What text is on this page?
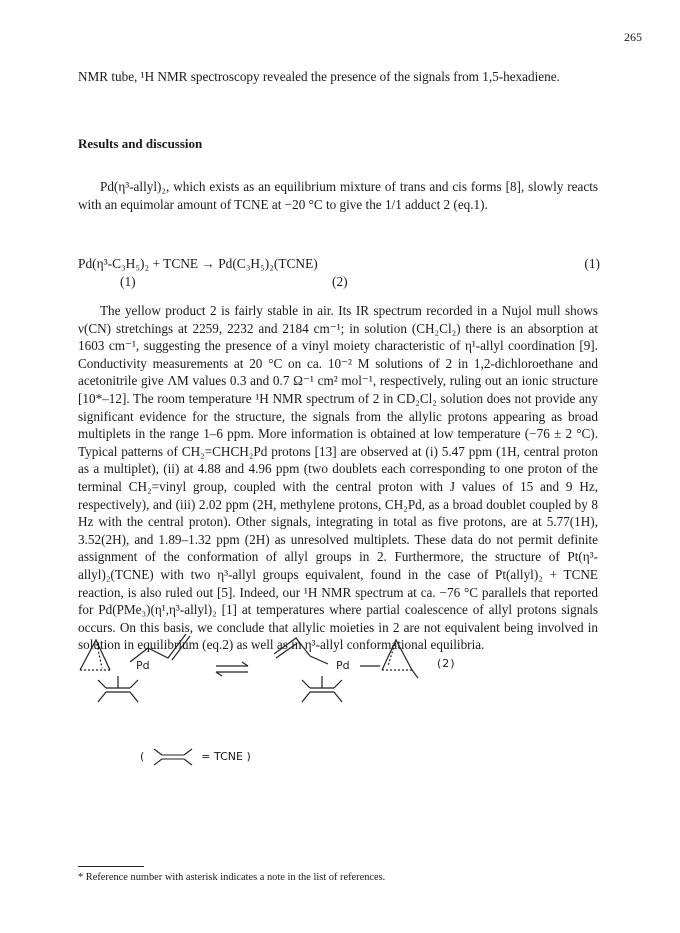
265
NMR tube, ¹H NMR spectroscopy revealed the presence of the signals from 1,5-hexadiene.
Results and discussion
Pd(η³-allyl)₂, which exists as an equilibrium mixture of trans and cis forms [8], slowly reacts with an equimolar amount of TCNE at −20 °C to give the 1/1 adduct 2 (eq.1).
Pd(η³-C₃H₅)₂ + TCNE → Pd(C₃H₅)₂(TCNE)	(1)
(1)	(2)
The yellow product 2 is fairly stable in air. Its IR spectrum recorded in a Nujol mull shows ν(CN) stretchings at 2259, 2232 and 2184 cm⁻¹; in solution (CH₂Cl₂) there is an absorption at 1603 cm⁻¹, suggesting the presence of a vinyl moiety characteristic of η¹-allyl coordination [9]. Conductivity measurements at 20 °C on ca. 10⁻² M solutions of 2 in 1,2-dichloroethane and acetonitrile give ΛM values 0.3 and 0.7 Ω⁻¹ cm² mol⁻¹, respectively, ruling out an ionic structure [10*–12]. The room temperature ¹H NMR spectrum of 2 in CD₂Cl₂ solution does not provide any significant evidence for the structure, the signals from the allylic protons appearing as broad multiplets in the range 1–6 ppm. More information is obtained at low temperature (−76 ± 2 °C). Typical patterns of CH₂=CHCH₂Pd protons [13] are observed at (i) 5.47 ppm (1H, central proton as a multiplet), (ii) at 4.88 and 4.96 ppm (two doublets each corresponding to one proton of the terminal CH₂=vinyl group, coupled with the central proton with J values of 15 and 9 Hz, respectively), and (iii) 2.02 ppm (2H, methylene protons, CH₂Pd, as a broad doublet coupled by 8 Hz with the central proton). Other signals, integrating in total as five protons, are at 5.77(1H), 3.52(2H), and 1.89–1.32 ppm (2H) as unresolved multiplets. These data do not permit definite assignment of the conformation of allyl groups in 2. Furthermore, the structure of Pt(η³-allyl)₂(TCNE) with two η³-allyl groups equivalent, found in the case of Pt(allyl)₂ + TCNE reaction, is also ruled out [5]. Indeed, our ¹H NMR spectrum at ca. −76 °C parallels that reported for Pd(PMe₃)(η¹,η³-allyl)₂ [1] at temperatures where partial coalescence of allyl protons signals occurs. On this basis, we conclude that allylic moieties in 2 are not equivalent being involved in solution in equilibrium (eq.2) as well as in η³-allyl conformational equilibria.
Pd	Pd	(2)
(	= TCNE )
* Reference number with asterisk indicates a note in the list of references.
